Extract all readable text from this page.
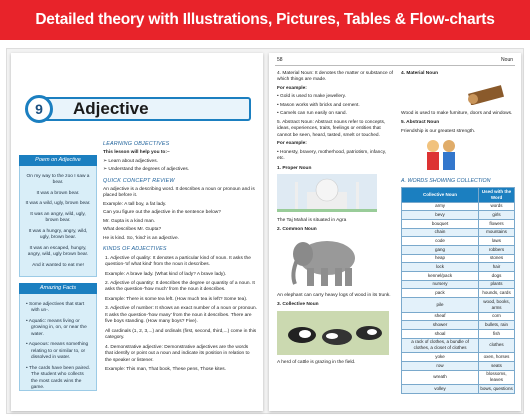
Detailed theory with Illustrations, Pictures, Tables & Flow-charts
9	Adjective
Poem on Adjective

On my way to the zoo I saw a bear.

It was a brown bear.

It was a wild, ugly, brown bear.

It was an angry, wild, ugly, brown bear.

It was a hungry, angry, wild, ugly, brown bear.

It was an escaped, hungry, angry, wild, ugly brown bear.

And it wanted to eat me!

Amazing Facts
• Some adjectives that start with un-.
• Aquatic: means living or growing in, on, or near the water.
• Aqueous: means something relating to or similar to, or dissolved in water.
• The cards have been paired. The student who collects the most cards wins the game.
LEARNING OBJECTIVES

This lesson will help you to:–

➢ Learn about adjectives.

➢ Understand the degrees of adjectives.

QUICK CONCEPT REVIEW

An adjective is a describing word. It describes a noun or pronoun and is placed before it.

Example: A tall boy, a fat lady.

Can you figure out the adjective in the sentence below?

Mr. Gupta is a kind man.

What describes Mr. Gupta?

He is kind. So, 'kind' is an adjective.

KINDS OF ADJECTIVES
1. Adjective of quality: It denotes a particular kind of noun. It asks the question-'of what kind' from the noun it describes.
Example: A brave lady. (What kind of lady? A brave lady).
2. Adjective of quantity: It describes the degree or quantity of a noun. It asks the question-'how much' from the noun it describes.
Example: There is some tea left. (How much tea is left? Some tea).
3. Adjective of number: It shows an exact number of a noun or pronoun. It asks the question-'how many' from the noun it describes. There are five boys standing. (How many boys? Five).
All cardinals (1, 2, 3,...) and ordinals (first, second, third,...) come in this category.
4. Demonstrative adjective: Demonstrative adjectives are the words that identify or point out a noun and indicate its position in relation to the speaker or listener.
Example: This man, That book, These pens, Those kites.
58	Noun

4. Material Noun: It denotes the matter or substance of which things are made.

For example:

• Gold is used to make jewellery.

• Mason works with bricks and cement.

• Camels can run easily on sand.

5. Abstract Noun: Abstract nouns refer to concepts, ideas, experiences, traits, feelings or entities that cannot be seen, heard, tasted, smelt or touched.

For example:

• Honesty, bravery, motherhood, patriotism, infancy, etc.

1. Proper Noun
The Taj Mahal is situated in Agra
2. Common Noun
An elephant can carry heavy logs of wood in its trunk.
3. Collective Noun
A herd of cattle is grazing in the field.
4. Material Noun
Wood is used to make furniture, doors and windows.
5. Abstract Noun
Friendship is our greatest strength.
A. WORDS SHOWING COLLECTION
Collective Noun	Used with the Word
army	words
bevy	girls
bouquet	flowers
chain	mountains
code	laws
gang	robbers
heap	stones
lock	hair
kennel/pack	dogs
nursery	plants
pack	hounds, cards
pile	wood, books, arms
sheaf	corn
shower	bullets, rain
shoal	fish
a rack of clothes, a bundle of clothes, a closet of clothes	clothes
yoke	oxen, horses
row	seats
wreath	blossoms, leaves
volley	bows, questions
